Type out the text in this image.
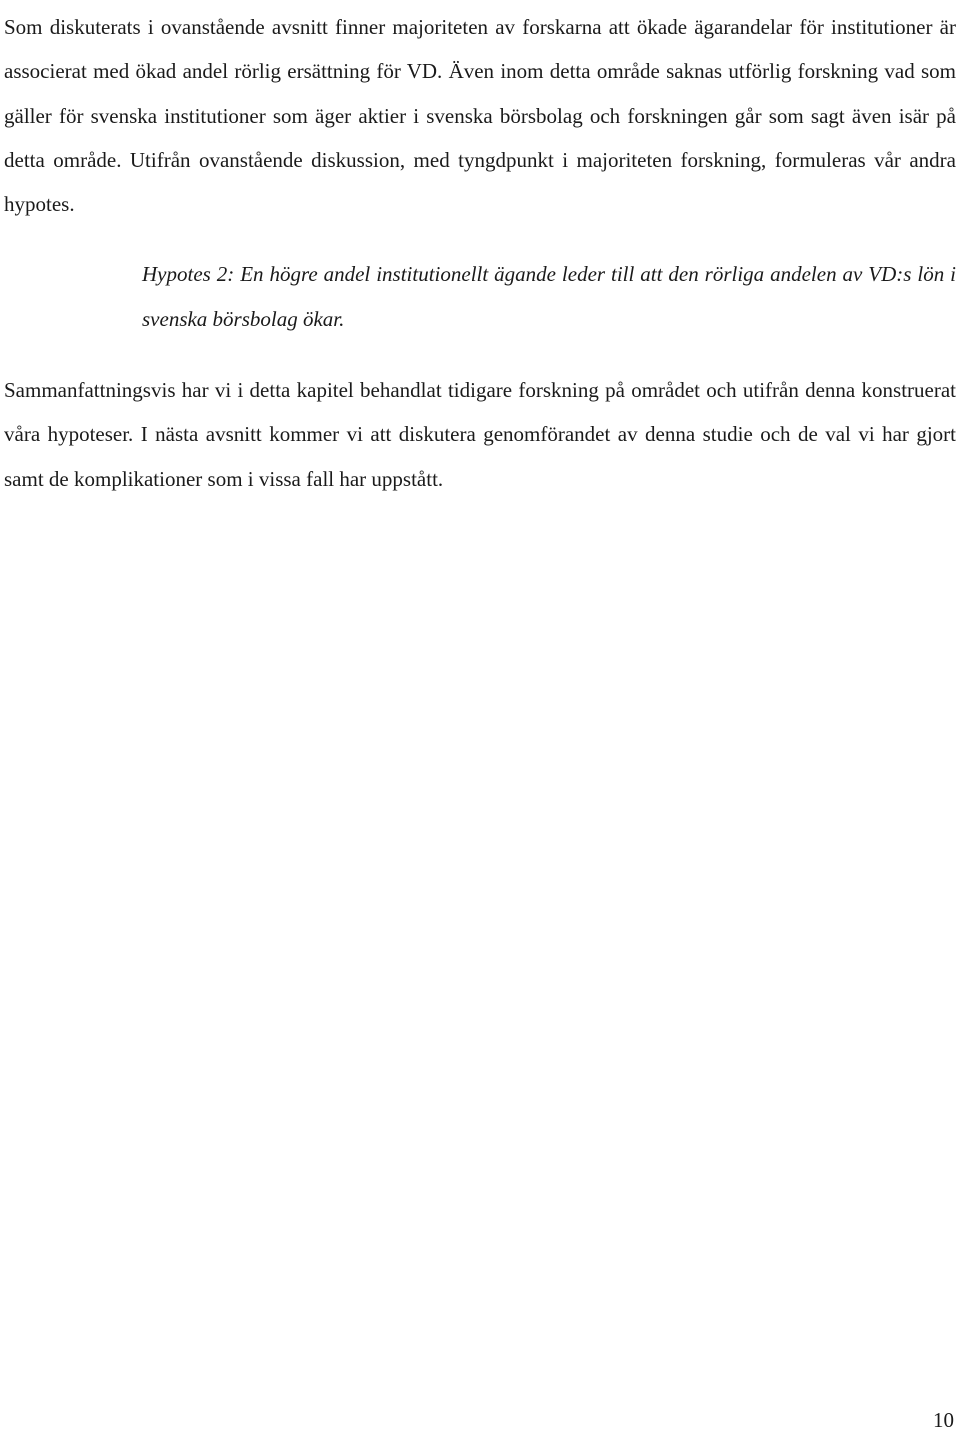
Som diskuterats i ovanstående avsnitt finner majoriteten av forskarna att ökade ägarandelar för institutioner är associerat med ökad andel rörlig ersättning för VD. Även inom detta område saknas utförlig forskning vad som gäller för svenska institutioner som äger aktier i svenska börsbolag och forskningen går som sagt även isär på detta område. Utifrån ovanstående diskussion, med tyngdpunkt i majoriteten forskning, formuleras vår andra hypotes.

Hypotes 2: En högre andel institutionellt ägande leder till att den rörliga andelen av VD:s lön i svenska börsbolag ökar.

Sammanfattningsvis har vi i detta kapitel behandlat tidigare forskning på området och utifrån denna konstruerat våra hypoteser. I nästa avsnitt kommer vi att diskutera genomförandet av denna studie och de val vi har gjort samt de komplikationer som i vissa fall har uppstått.

10
